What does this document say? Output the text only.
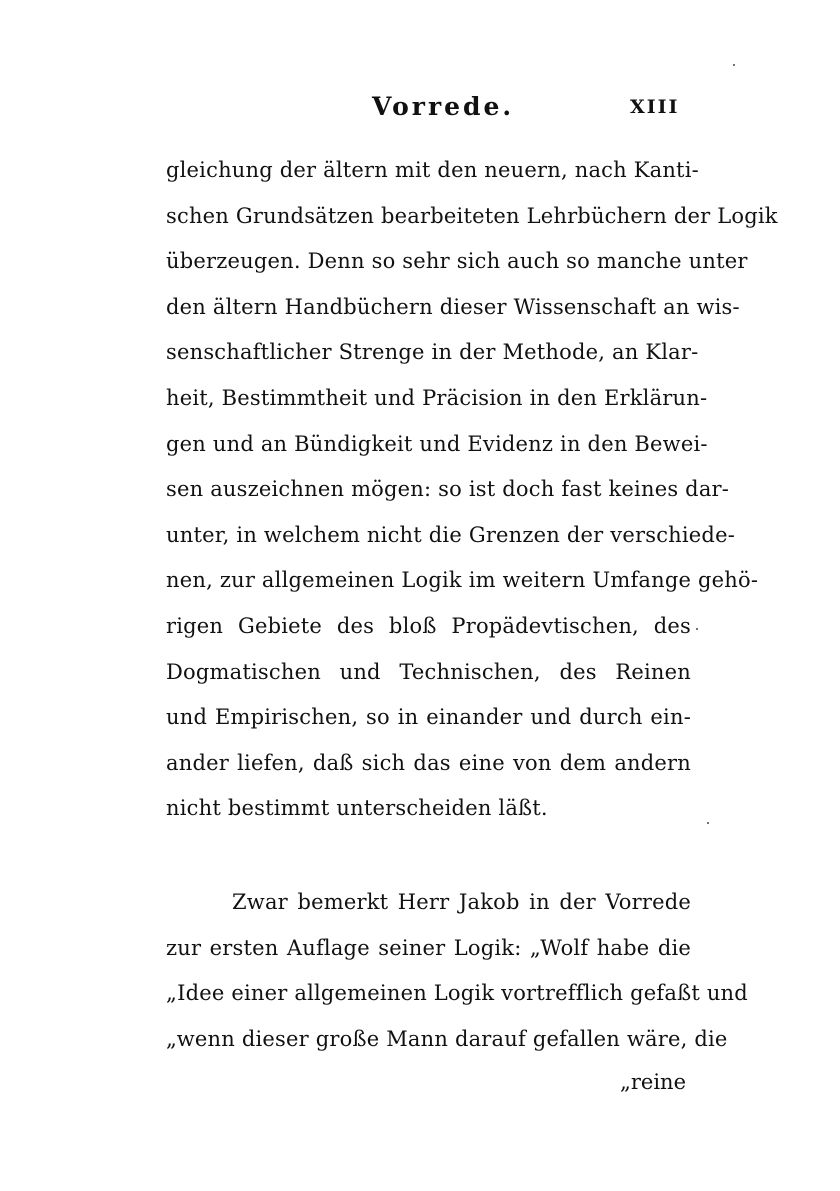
Vorrede.	XIII
gleichung der ältern mit den neuern, nach Kanti-
schen Grundsätzen bearbeiteten Lehrbüchern der Logik
überzeugen. Denn so sehr sich auch so manche unter
den ältern Handbüchern dieser Wissenschaft an wis-
senschaftlicher Strenge in der Methode, an Klar-
heit, Bestimmtheit und Präcision in den Erklärun-
gen und an Bündigkeit und Evidenz in den Bewei-
sen auszeichnen mögen: so ist doch fast keines dar-
unter, in welchem nicht die Grenzen der verschiede-
nen, zur allgemeinen Logik im weitern Umfange gehö-
rigen Gebiete des bloß Propädevtischen, des
Dogmatischen und Technischen, des Reinen
und Empirischen, so in einander und durch ein-
ander liefen, daß sich das eine von dem andern
nicht bestimmt unterscheiden läßt.
Zwar bemerkt Herr Jakob in der Vorrede
zur ersten Auflage seiner Logik: „Wolf habe die
„Idee einer allgemeinen Logik vortrefflich gefaßt und
„wenn dieser große Mann darauf gefallen wäre, die
„reine
